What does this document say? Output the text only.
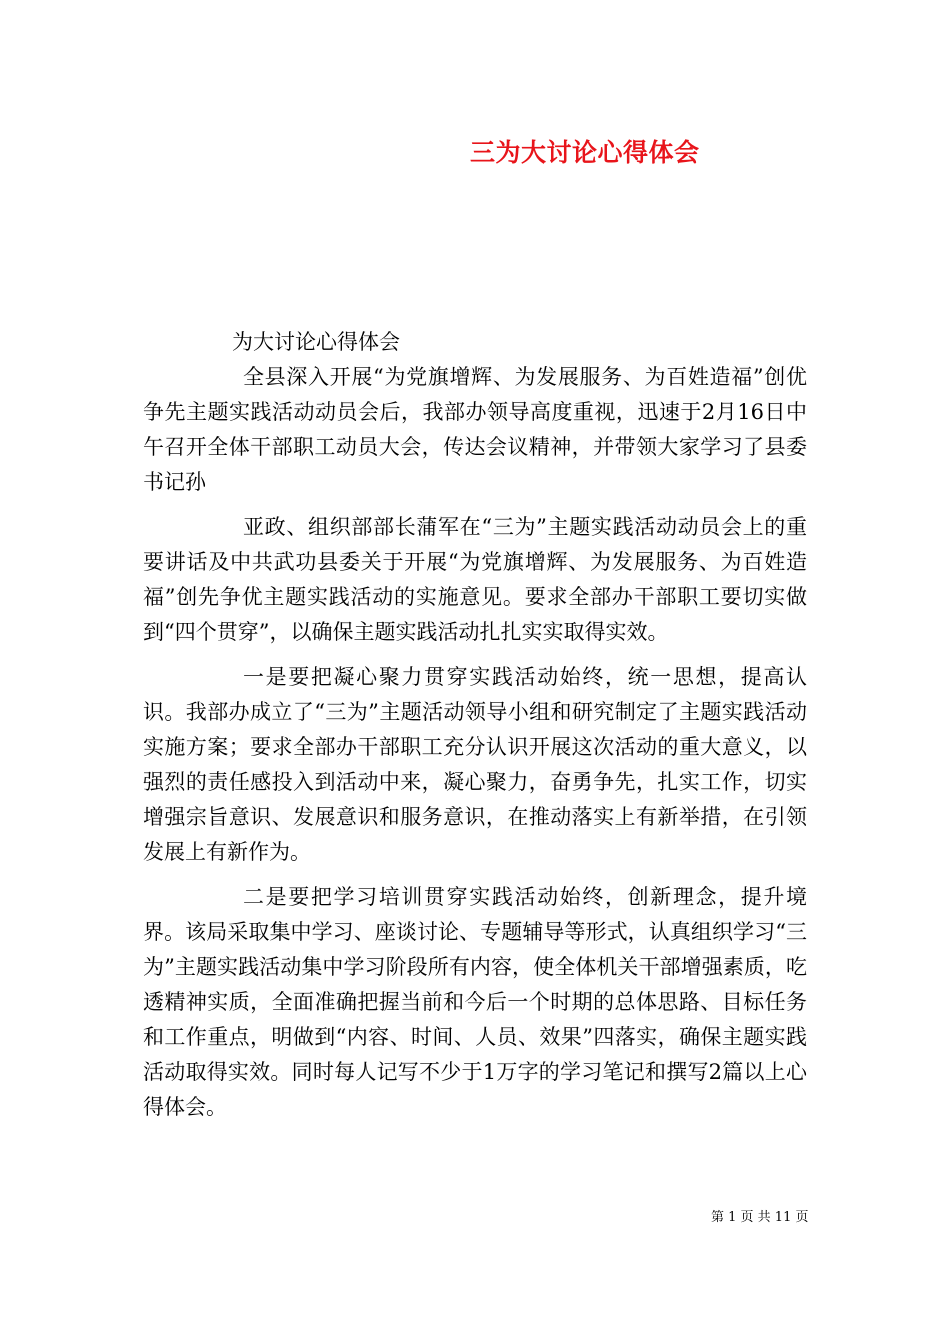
三为大讨论心得体会
为大讨论心得体会

全县深入开展“为党旗增辉、为发展服务、为百姓造福”创优争先主题实践活动动员会后，我部办领导高度重视，迅速于2月16日中午召开全体干部职工动员大会，传达会议精神，并带领大家学习了县委书记孙

亚政、组织部部长蒲军在“三为”主题实践活动动员会上的重要讲话及中共武功县委关于开展“为党旗增辉、为发展服务、为百姓造福”创先争优主题实践活动的实施意见。要求全部办干部职工要切实做到“四个贯穿”，以确保主题实践活动扎扎实实取得实效。

一是要把凝心聚力贯穿实践活动始终，统一思想，提高认识。我部办成立了“三为”主题活动领导小组和研究制定了主题实践活动实施方案；要求全部办干部职工充分认识开展这次活动的重大意义，以强烈的责任感投入到活动中来，凝心聚力，奋勇争先，扎实工作，切实增强宗旨意识、发展意识和服务意识，在推动落实上有新举措，在引领发展上有新作为。

二是要把学习培训贯穿实践活动始终，创新理念，提升境界。该局采取集中学习、座谈讨论、专题辅导等形式，认真组织学习“三为”主题实践活动集中学习阶段所有内容，使全体机关干部增强素质，吃透精神实质，全面准确把握当前和今后一个时期的总体思路、目标任务和工作重点，明做到“内容、时间、人员、效果”四落实，确保主题实践活动取得实效。同时每人记写不少于1万字的学习笔记和撰写2篇以上心得体会。

第 1 页 共 11 页
